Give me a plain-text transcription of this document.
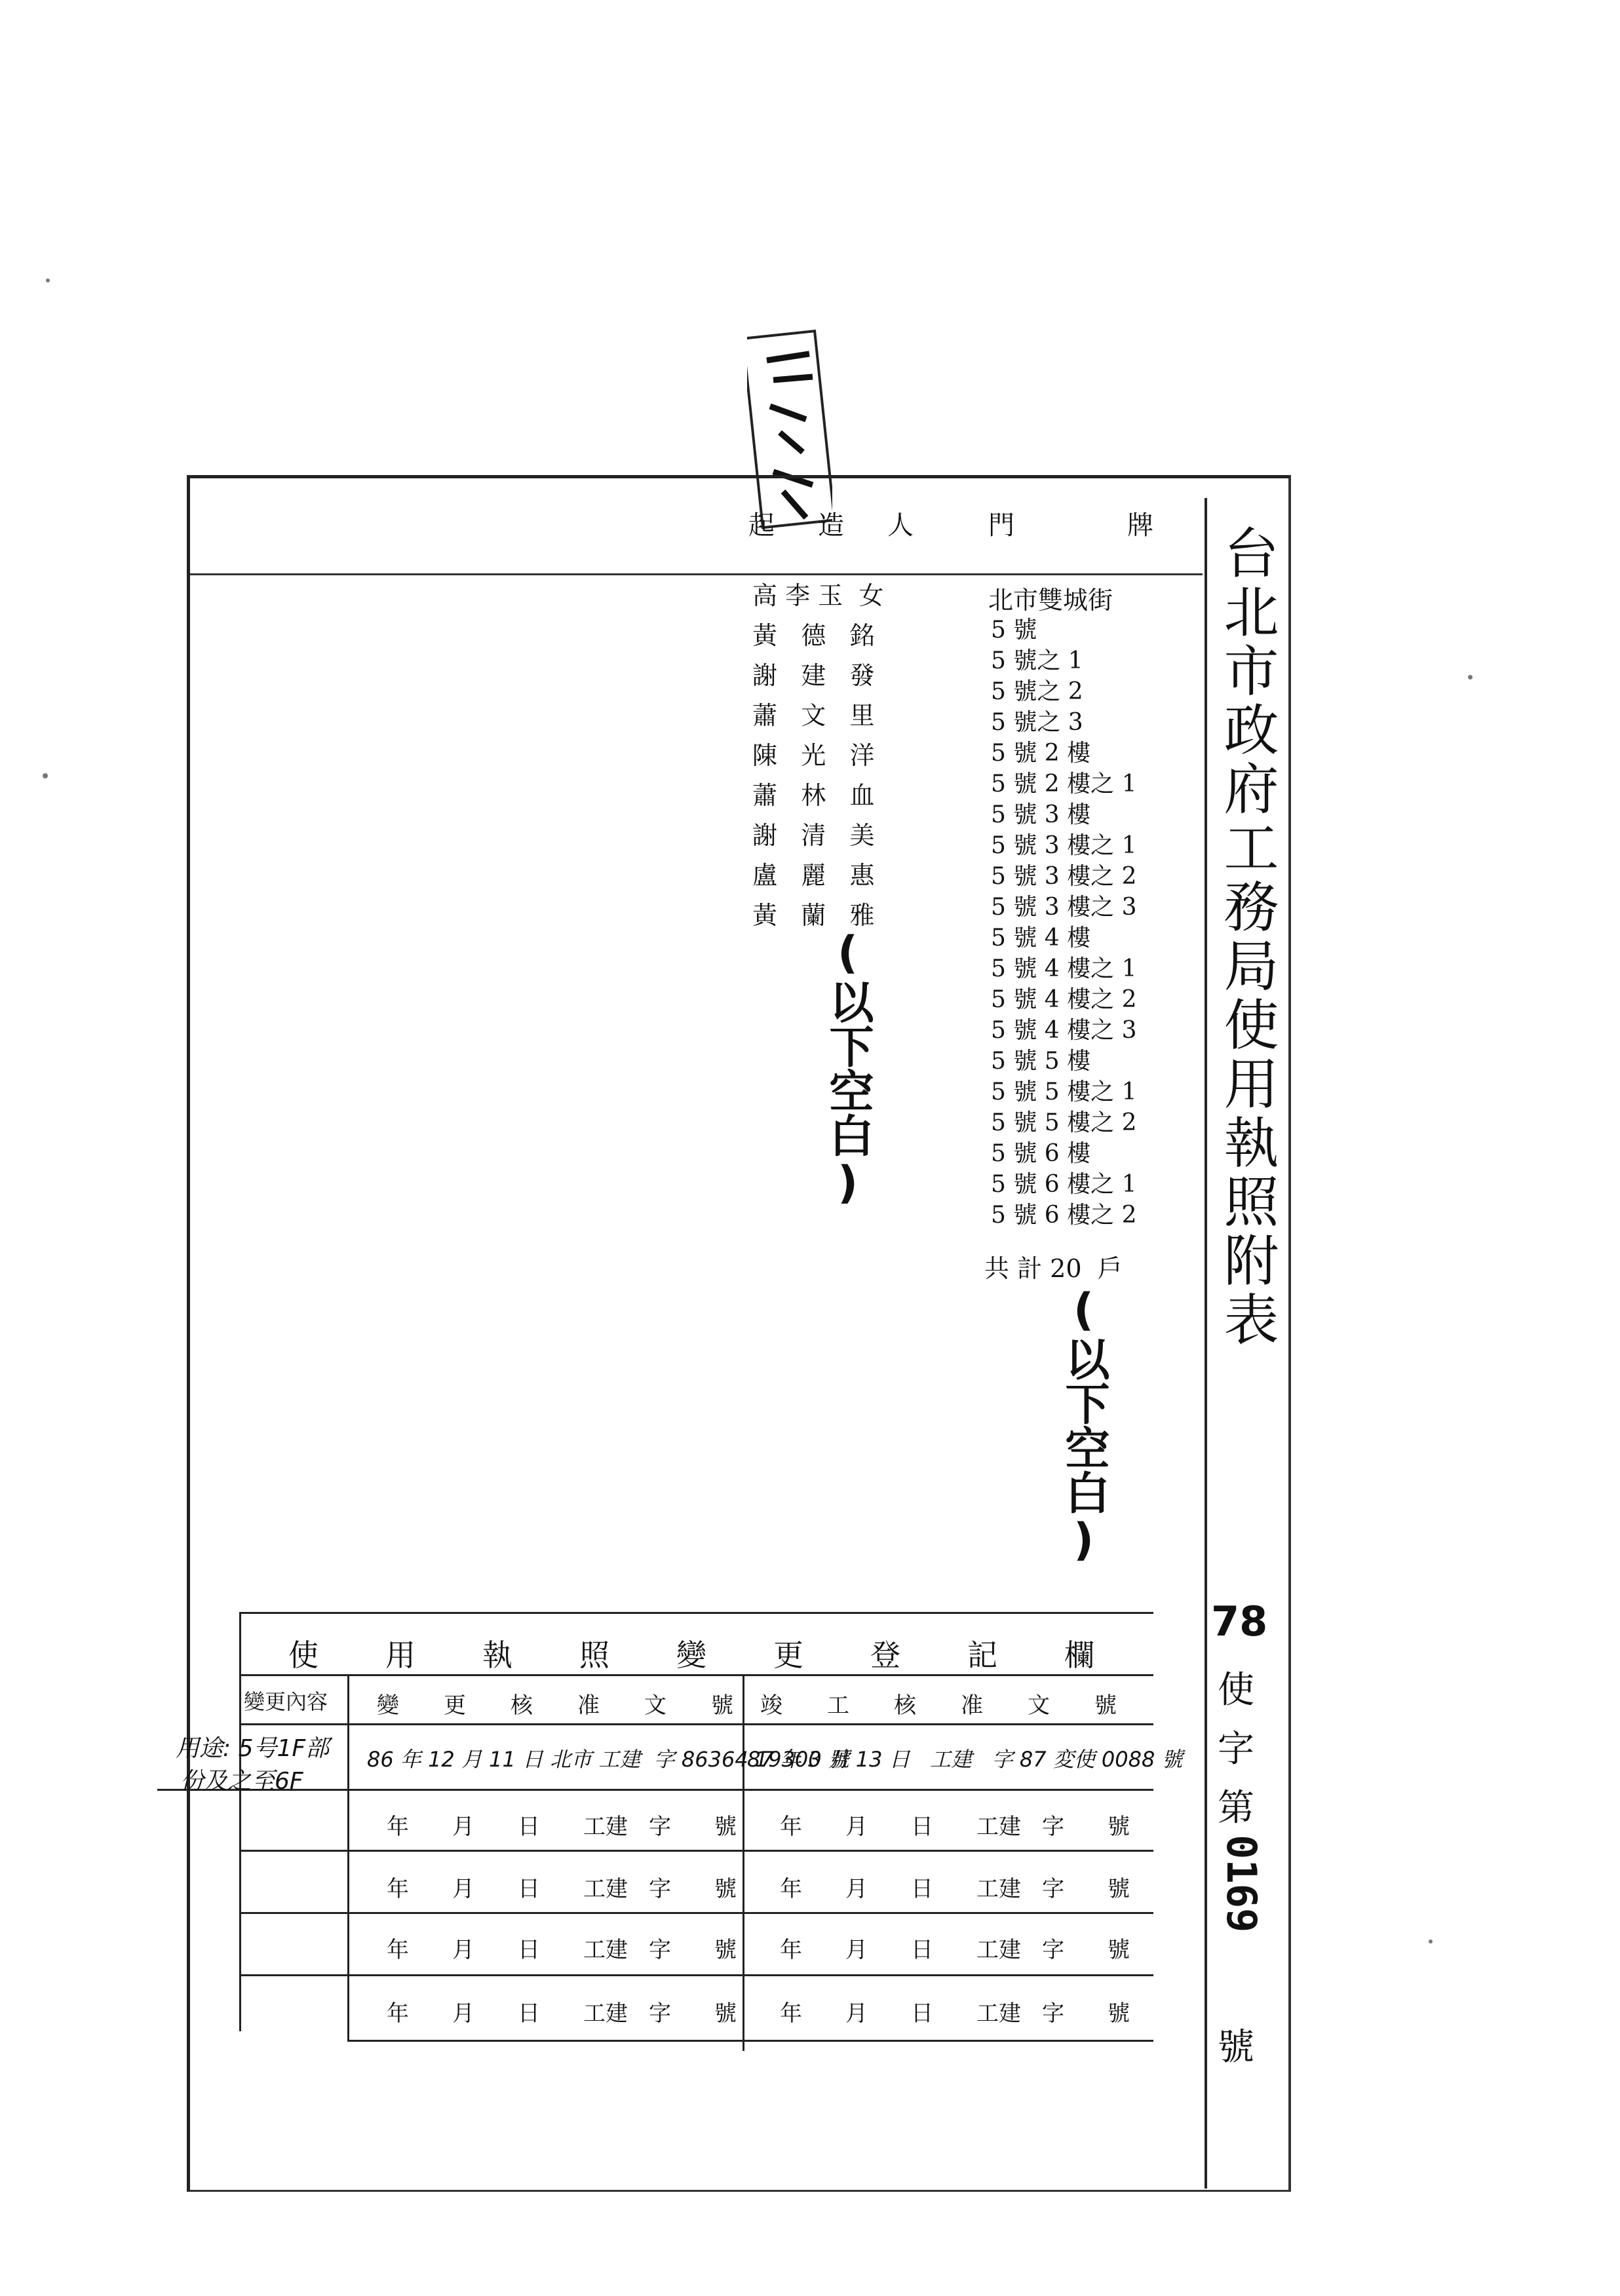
台北市政府工務局使用執照附表
78
使
字
第
0169
號
起 造 人	門	牌
高 李 玉  女
黃   德   銘
謝   建   發
蕭   文   里
陳   光   洋
蕭   林   血
謝   清   美
盧   麗   惠
黃   蘭   雅
北市雙城街
5 號
5 號之 1
5 號之 2
5 號之 3
5 號 2 樓
5 號 2 樓之 1
5 號 3 樓
5 號 3 樓之 1
5 號 3 樓之 2
5 號 3 樓之 3
5 號 4 樓
5 號 4 樓之 1
5 號 4 樓之 2
5 號 4 樓之 3
5 號 5 樓
5 號 5 樓之 1
5 號 5 樓之 2
5 號 6 樓
5 號 6 樓之 1
5 號 6 樓之 2
共 計 20  戶
(以下空白)
(以下空白)
使 用 執 照 變 更 登 記 欄
變更內容 變 更 核 准 文 號 竣 工 核 准 文 號
用途: 5号1F部
份及之至6F
86 年 12 月 11 日 北市 工建  字 86364 19300 號
87 年 3 月 13 日   工建   字 87 変使 0088 號
年 月 日 工建 字 號 年 月 日 工建 字 號
年 月 日 工建 字 號 年 月 日 工建 字 號
年 月 日 工建 字 號 年 月 日 工建 字 號
年 月 日 工建 字 號 年 月 日 工建 字 號
